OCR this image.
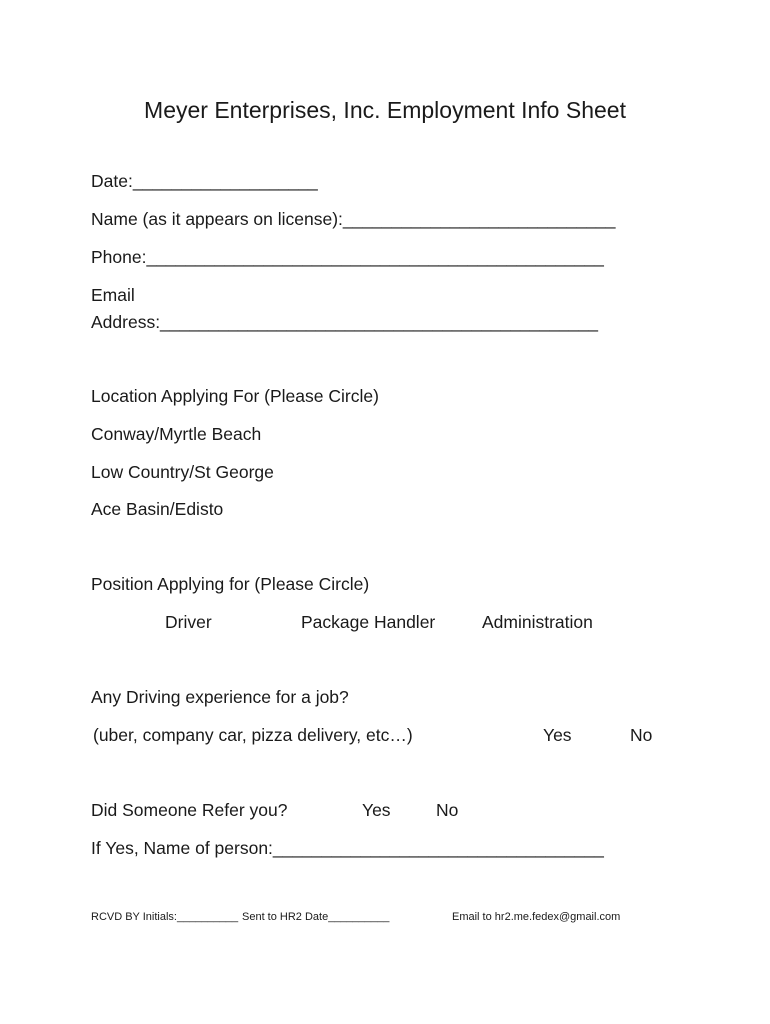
Meyer Enterprises, Inc. Employment Info Sheet
Date:___________________
Name (as it appears on license):____________________________
Phone:_______________________________________________
Email
Address:_____________________________________________
Location Applying For (Please Circle)
Conway/Myrtle Beach
Low Country/St George
Ace Basin/Edisto
Position Applying for (Please Circle)
Driver	Package Handler	Administration
Any Driving experience for a job?
(uber, company car, pizza delivery, etc…)	Yes	No
Did Someone Refer you?	Yes	No
If Yes, Name of person:__________________________________
RCVD BY Initials:__________ Sent to HR2 Date__________	Email to hr2.me.fedex@gmail.com
